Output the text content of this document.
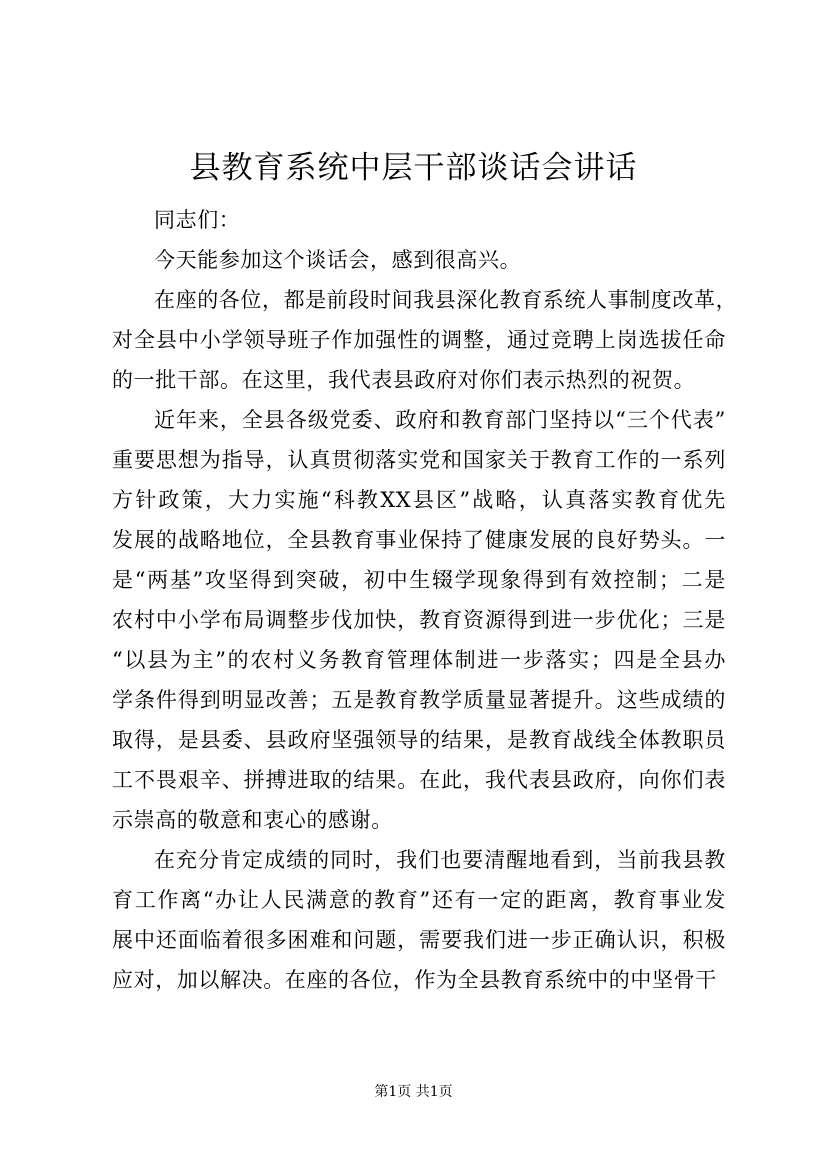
县教育系统中层干部谈话会讲话

同志们：

今天能参加这个谈话会，感到很高兴。

在座的各位，都是前段时间我县深化教育系统人事制度改革，
对全县中小学领导班子作加强性的调整，通过竞聘上岗选拔任命
的一批干部。在这里，我代表县政府对你们表示热烈的祝贺。

近年来，全县各级党委、政府和教育部门坚持以“三个代表”
重要思想为指导，认真贯彻落实党和国家关于教育工作的一系列
方针政策，大力实施“科教XX县区”战略，认真落实教育优先
发展的战略地位，全县教育事业保持了健康发展的良好势头。一
是“两基”攻坚得到突破，初中生辍学现象得到有效控制；二是
农村中小学布局调整步伐加快，教育资源得到进一步优化；三是
“以县为主”的农村义务教育管理体制进一步落实；四是全县办
学条件得到明显改善；五是教育教学质量显著提升。这些成绩的
取得，是县委、县政府坚强领导的结果，是教育战线全体教职员
工不畏艰辛、拼搏进取的结果。在此，我代表县政府，向你们表
示崇高的敬意和衷心的感谢。

在充分肯定成绩的同时，我们也要清醒地看到，当前我县教
育工作离“办让人民满意的教育”还有一定的距离，教育事业发
展中还面临着很多困难和问题，需要我们进一步正确认识，积极
应对，加以解决。在座的各位，作为全县教育系统中的中坚骨干

第1页 共1页
